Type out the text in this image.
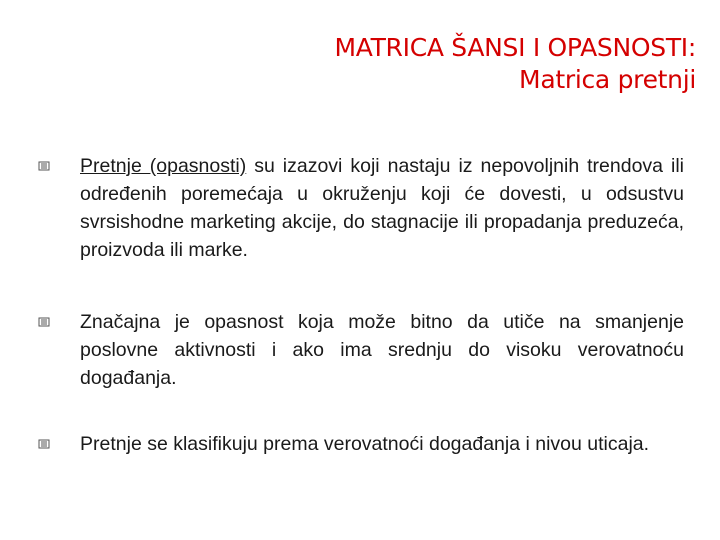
MATRICA ŠANSI I OPASNOSTI:
Matrica pretnji
Pretnje (opasnosti) su izazovi koji nastaju iz nepovoljnih trendova ili određenih poremećaja u okruženju koji će dovesti, u odsustvu svrsishodne marketing akcije, do stagnacije ili propadanja preduzeća, proizvoda ili marke.
Značajna je opasnost koja može bitno da utiče na smanjenje poslovne aktivnosti i ako ima srednju do visoku verovatnoću događanja.
Pretnje se klasifikuju prema verovatnoći događanja i nivou uticaja.
